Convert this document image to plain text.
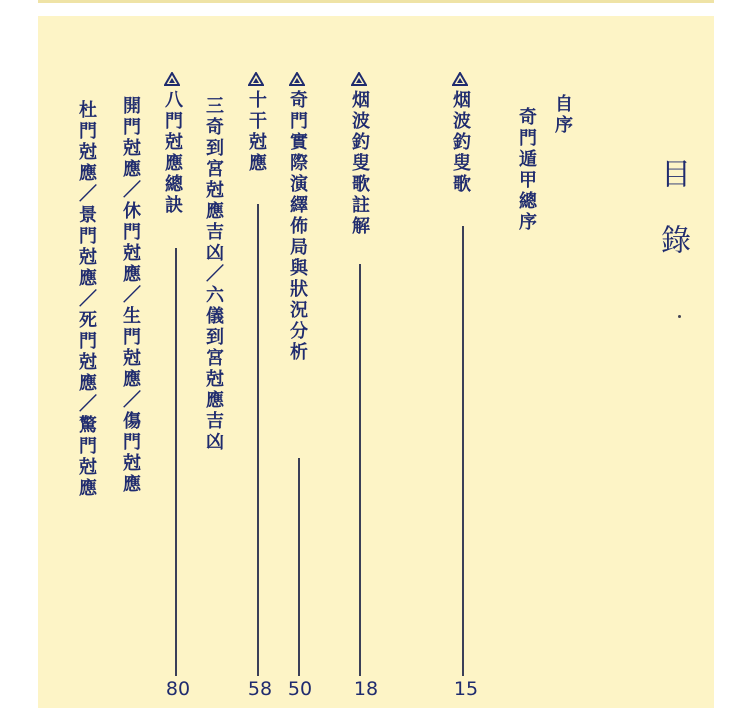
目錄
自序
奇門遁甲總序
烟波釣叟歌
15
烟波釣叟歌註解
18
奇門實際演繹佈局與狀況分析
50
十干尅應
58
三奇到宮尅應吉凶／六儀到宮尅應吉凶
八門尅應總訣
80
開門尅應／休門尅應／生門尅應／傷門尅應
杜門尅應／景門尅應／死門尅應／驚門尅應
